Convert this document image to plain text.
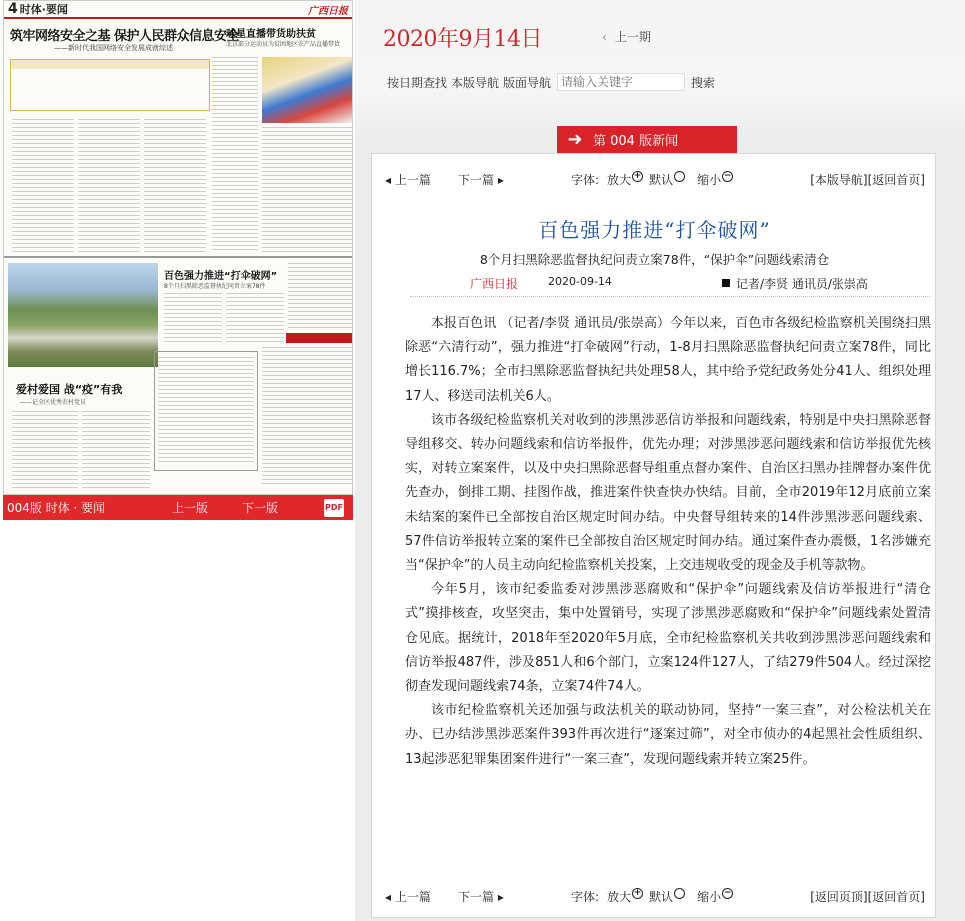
4 时体·要闻	广西日报
筑牢网络安全之基 保护人民群众信息安全
——新时代我国网络安全发展成就综述
球星直播带货助扶贫
北京部分运动员为贫困地区农产品直播带货
百色强力推进“打伞破网”
8个月扫黑除恶监督执纪问责立案78件
爱村爱国 战“疫”有我
——记全区优秀农村党员
004版 时体 · 要闻	上一版	下一版	PDF
2020年9月14日	‹ 上一期
按日期查找 本版导航 版面导航
请输入关键字	搜索
➜ 第 004 版新闻
◂ 上一篇	下一篇 ▸	字体: 放大 +	默认	缩小 −	[本版导航] [返回首页]
百色强力推进“打伞破网”
8个月扫黑除恶监督执纪问责立案78件，“保护伞”问题线索清仓
广西日报	2020-09-14	记者/李贤 通讯员/张崇高

本报百色讯 （记者/李贤 通讯员/张崇高）今年以来，百色市各级纪检监察机关围绕扫黑除恶“六清行动”，强力推进“打伞破网”行动，1-8月扫黑除恶监督执纪问责立案78件，同比增长116.7%；全市扫黑除恶监督执纪共处理58人，其中给予党纪政务处分41人、组织处理17人、移送司法机关6人。

该市各级纪检监察机关对收到的涉黑涉恶信访举报和问题线索，特别是中央扫黑除恶督导组移交、转办问题线索和信访举报件，优先办理；对涉黑涉恶问题线索和信访举报优先核实，对转立案案件，以及中央扫黑除恶督导组重点督办案件、自治区扫黑办挂牌督办案件优先查办，倒排工期、挂图作战，推进案件快查快办快结。目前，全市2019年12月底前立案未结案的案件已全部按自治区规定时间办结。中央督导组转来的14件涉黑涉恶问题线索、57件信访举报转立案的案件已全部按自治区规定时间办结。通过案件查办震慑，1名涉嫌充当“保护伞”的人员主动向纪检监察机关投案，上交违规收受的现金及手机等款物。

今年5月，该市纪委监委对涉黑涉恶腐败和“保护伞”问题线索及信访举报进行“清仓式”摸排核查，攻坚突击，集中处置销号，实现了涉黑涉恶腐败和“保护伞”问题线索处置清仓见底。据统计，2018年至2020年5月底，全市纪检监察机关共收到涉黑涉恶问题线索和信访举报487件，涉及851人和6个部门，立案124件127人，了结279件504人。经过深挖彻查发现问题线索74条，立案74件74人。

该市纪检监察机关还加强与政法机关的联动协同，坚持“一案三查”，对公检法机关在办、已办结涉黑涉恶案件393件再次进行“逐案过筛”，对全市侦办的4起黑社会性质组织、13起涉恶犯罪集团案件进行“一案三查”，发现问题线索并转立案25件。

◂ 上一篇	下一篇 ▸	字体: 放大 +	默认	缩小 −	[返回页顶] [返回首页]
